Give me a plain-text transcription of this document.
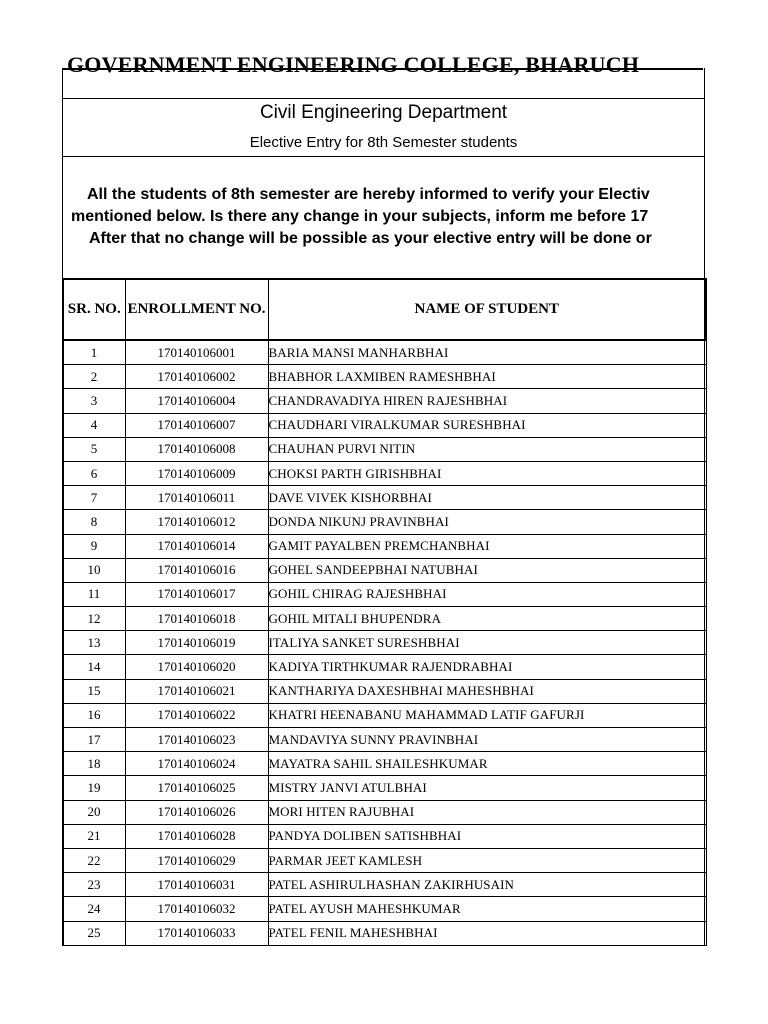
GOVERNMENT ENGINEERING COLLEGE, BHARUCH
Civil Engineering Department
Elective Entry for 8th Semester students
All the students of 8th semester are hereby informed to verify your Electiv
mentioned below. Is there any change in your subjects, inform me before 17
After that no change will be possible as your elective entry will be done or
SR. NO.	ENROLLMENT NO.	NAME OF STUDENT
1	170140106001	BARIA MANSI MANHARBHAI
2	170140106002	BHABHOR LAXMIBEN RAMESHBHAI
3	170140106004	CHANDRAVADIYA HIREN RAJESHBHAI
4	170140106007	CHAUDHARI VIRALKUMAR SURESHBHAI
5	170140106008	CHAUHAN PURVI NITIN
6	170140106009	CHOKSI PARTH GIRISHBHAI
7	170140106011	DAVE VIVEK KISHORBHAI
8	170140106012	DONDA NIKUNJ PRAVINBHAI
9	170140106014	GAMIT PAYALBEN PREMCHANBHAI
10	170140106016	GOHEL SANDEEPBHAI NATUBHAI
11	170140106017	GOHIL CHIRAG RAJESHBHAI
12	170140106018	GOHIL MITALI BHUPENDRA
13	170140106019	ITALIYA SANKET SURESHBHAI
14	170140106020	KADIYA TIRTHKUMAR RAJENDRABHAI
15	170140106021	KANTHARIYA DAXESHBHAI MAHESHBHAI
16	170140106022	KHATRI HEENABANU MAHAMMAD LATIF GAFURJI
17	170140106023	MANDAVIYA SUNNY PRAVINBHAI
18	170140106024	MAYATRA SAHIL SHAILESHKUMAR
19	170140106025	MISTRY JANVI ATULBHAI
20	170140106026	MORI HITEN RAJUBHAI
21	170140106028	PANDYA DOLIBEN SATISHBHAI
22	170140106029	PARMAR JEET KAMLESH
23	170140106031	PATEL ASHIRULHASHAN ZAKIRHUSAIN
24	170140106032	PATEL AYUSH MAHESHKUMAR
25	170140106033	PATEL FENIL MAHESHBHAI
